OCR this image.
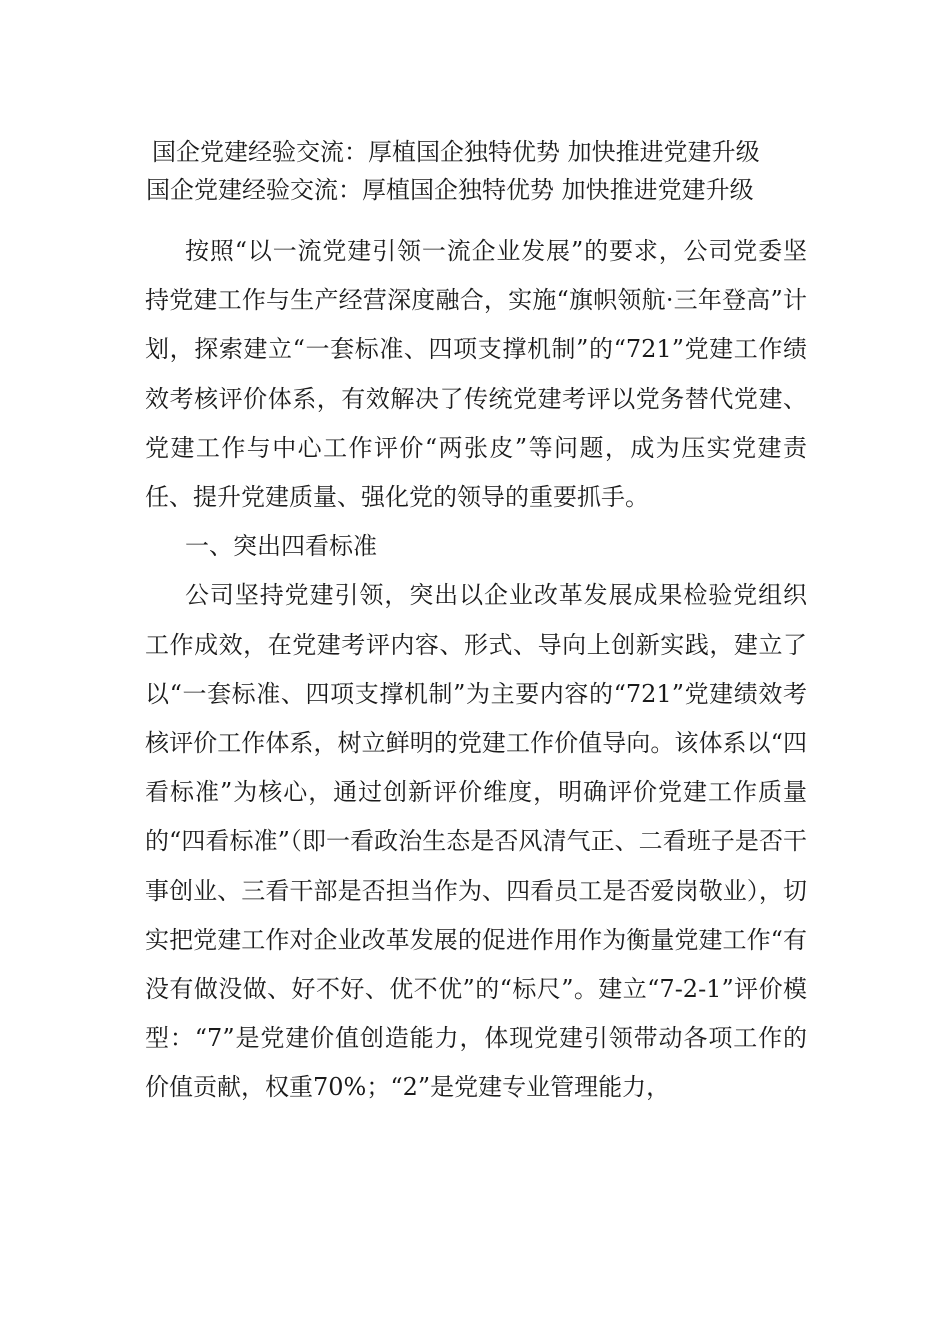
国企党建经验交流：厚植国企独特优势 加快推进党建升级
国企党建经验交流：厚植国企独特优势 加快推进党建升级

按照“以一流党建引领一流企业发展”的要求，公司党委坚持党建工作与生产经营深度融合，实施“旗帜领航·三年登高”计划，探索建立“一套标准、四项支撑机制”的“721”党建工作绩效考核评价体系，有效解决了传统党建考评以党务替代党建、党建工作与中心工作评价“两张皮”等问题，成为压实党建责任、提升党建质量、强化党的领导的重要抓手。

一、突出四看标准

公司坚持党建引领，突出以企业改革发展成果检验党组织工作成效，在党建考评内容、形式、导向上创新实践，建立了以“一套标准、四项支撑机制”为主要内容的“721”党建绩效考核评价工作体系，树立鲜明的党建工作价值导向。该体系以“四看标准”为核心，通过创新评价维度，明确评价党建工作质量的“四看标准”（即一看政治生态是否风清气正、二看班子是否干事创业、三看干部是否担当作为、四看员工是否爱岗敬业），切实把党建工作对企业改革发展的促进作用作为衡量党建工作“有没有做没做、好不好、优不优”的“标尺”。建立“7-2-1”评价模型：“7”是党建价值创造能力，体现党建引领带动各项工作的价值贡献，权重70%；“2”是党建专业管理能力，
